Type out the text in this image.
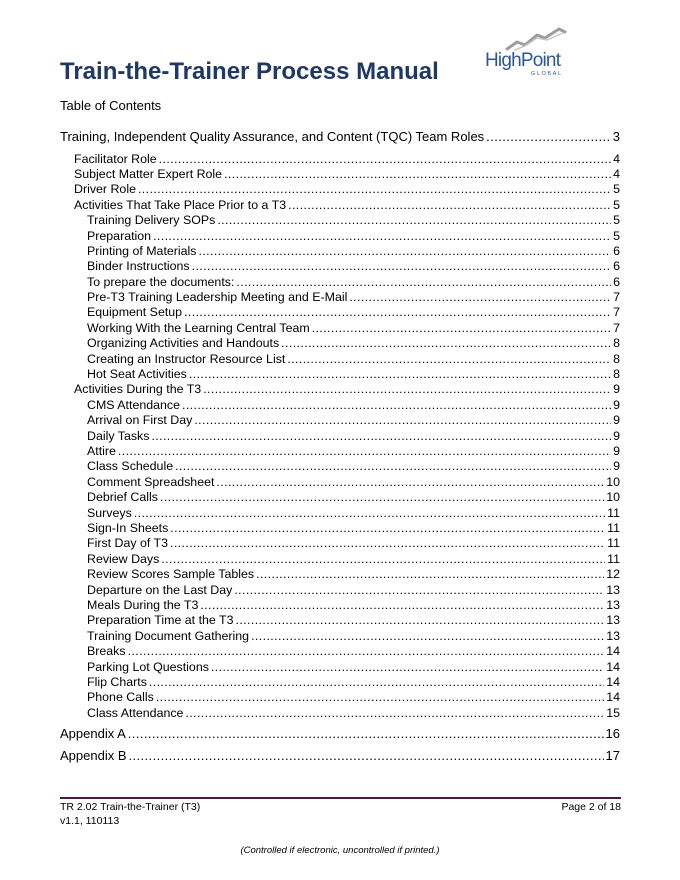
Train-the-Trainer Process Manual HighPoint
GLOBAL
Table of Contents
Training, Independent Quality Assurance, and Content (TQC) Team Roles .....	3
Facilitator Role .....	4
Subject Matter Expert Role .....	4
Driver Role .....	5
Activities That Take Place Prior to a T3 .....	5
Training Delivery SOPs .....	5
Preparation .....	5
Printing of Materials .....	6
Binder Instructions .....	6
To prepare the documents: .....	6
Pre-T3 Training Leadership Meeting and E-Mail .....	7
Equipment Setup .....	7
Working With the Learning Central Team .....	7
Organizing Activities and Handouts .....	8
Creating an Instructor Resource List .....	8
Hot Seat Activities .....	8
Activities During the T3 .....	9
CMS Attendance .....	9
Arrival on First Day .....	9
Daily Tasks .....	9
Attire .....	9
Class Schedule .....	9
Comment Spreadsheet .....	10
Debrief Calls .....	10
Surveys .....	11
Sign-In Sheets .....	11
First Day of T3 .....	11
Review Days .....	11
Review Scores Sample Tables .....	12
Departure on the Last Day .....	13
Meals During the T3 .....	13
Preparation Time at the T3 .....	13
Training Document Gathering .....	13
Breaks .....	14
Parking Lot Questions .....	14
Flip Charts .....	14
Phone Calls .....	14
Class Attendance .....	15
Appendix A .....	16
Appendix B .....	17
TR 2.02 Train-the-Trainer (T3)
v1.1, 110113
Page 2 of 18
(Controlled if electronic, uncontrolled if printed.)
